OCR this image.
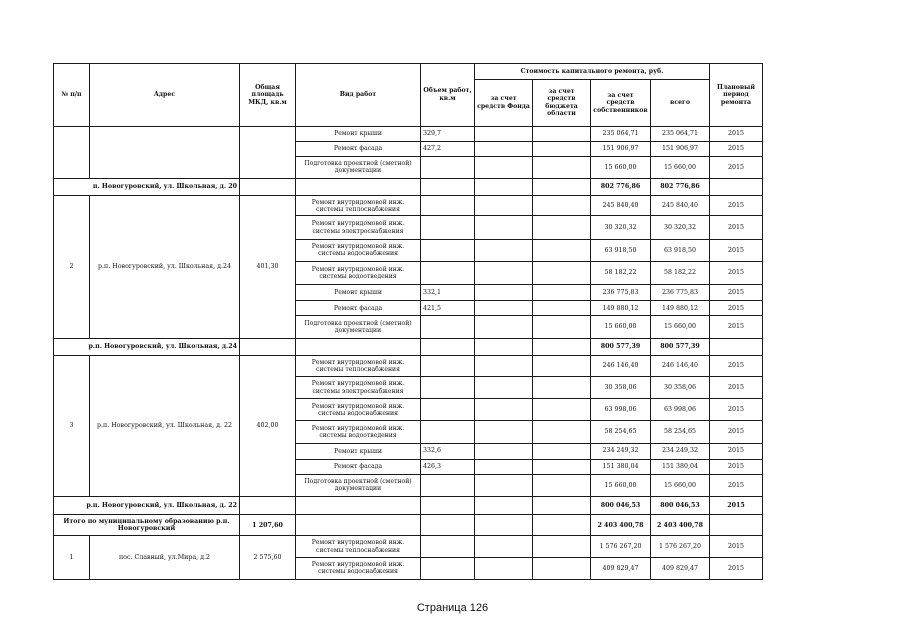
№ п/п	Адрес	Общая площадь МКД, кв.м	Вид работ	Объем работ, кв.м	Стоимость капитального ремонта, руб.				Плановый период ремонта
					за счет средств Фонда	за счет средств бюджета области	за счет средств собственников	всего	
			Ремонт крыши	329,7			235 064,71	235 064,71	2015
			Ремонт фасада	427,2			151 906,97	151 906,97	2015
			Подготовка проектной (сметной) документации				15 660,00	15 660,00	2015
п. Новогуровский, ул. Школьная, д. 20							802 776,86	802 776,86	
2	р.п. Новогуровский, ул. Школьная, д.24	401,30	Ремонт внутридомовой инж. системы теплоснабжения				245 840,40	245 840,40	2015
			Ремонт внутридомовой инж. системы электроснабжения				30 320,32	30 320,32	2015
			Ремонт внутридомовой инж. системы водоснабжения				63 918,50	63 918,50	2015
			Ремонт внутридомовой инж. системы водоотведения				58 182,22	58 182,22	2015
			Ремонт крыши	332,1			236 775,83	236 775,83	2015
			Ремонт фасада	421,5			149 880,12	149 880,12	2015
			Подготовка проектной (сметной) документации				15 660,00	15 660,00	2015
р.п. Новогуровский, ул. Школьная, д.24							800 577,39	800 577,39	
3	р.п. Новогуровский, ул. Школьная, д. 22	402,00	Ремонт внутридомовой инж. системы теплоснабжения				246 146,40	246 146,40	2015
			Ремонт внутридомовой инж. системы электроснабжения				30 358,06	30 358,06	2015
			Ремонт внутридомовой инж. системы водоснабжения				63 998,06	63 998,06	2015
			Ремонт внутридомовой инж. системы водоотведения				58 254,65	58 254,65	2015
			Ремонт крыши	332,6			234 249,32	234 249,32	2015
			Ремонт фасада	426,3			151 380,04	151 380,04	2015
			Подготовка проектной (сметной) документации				15 660,00	15 660,00	2015
р.п. Новогуровский, ул. Школьная, д. 22							800 046,53	800 046,53	2015
Итого по муниципальному образованию р.п. Новогуровский		1 207,60					2 403 400,78	2 403 400,78	
1	пос. Славный, ул.Мира, д.2	2 575,60	Ремонт внутридомовой инж. системы теплоснабжения				1 576 267,20	1 576 267,20	2015
			Ремонт внутридомовой инж. системы водоснабжения				409 829,47	409 829,47	2015
Страница 126
